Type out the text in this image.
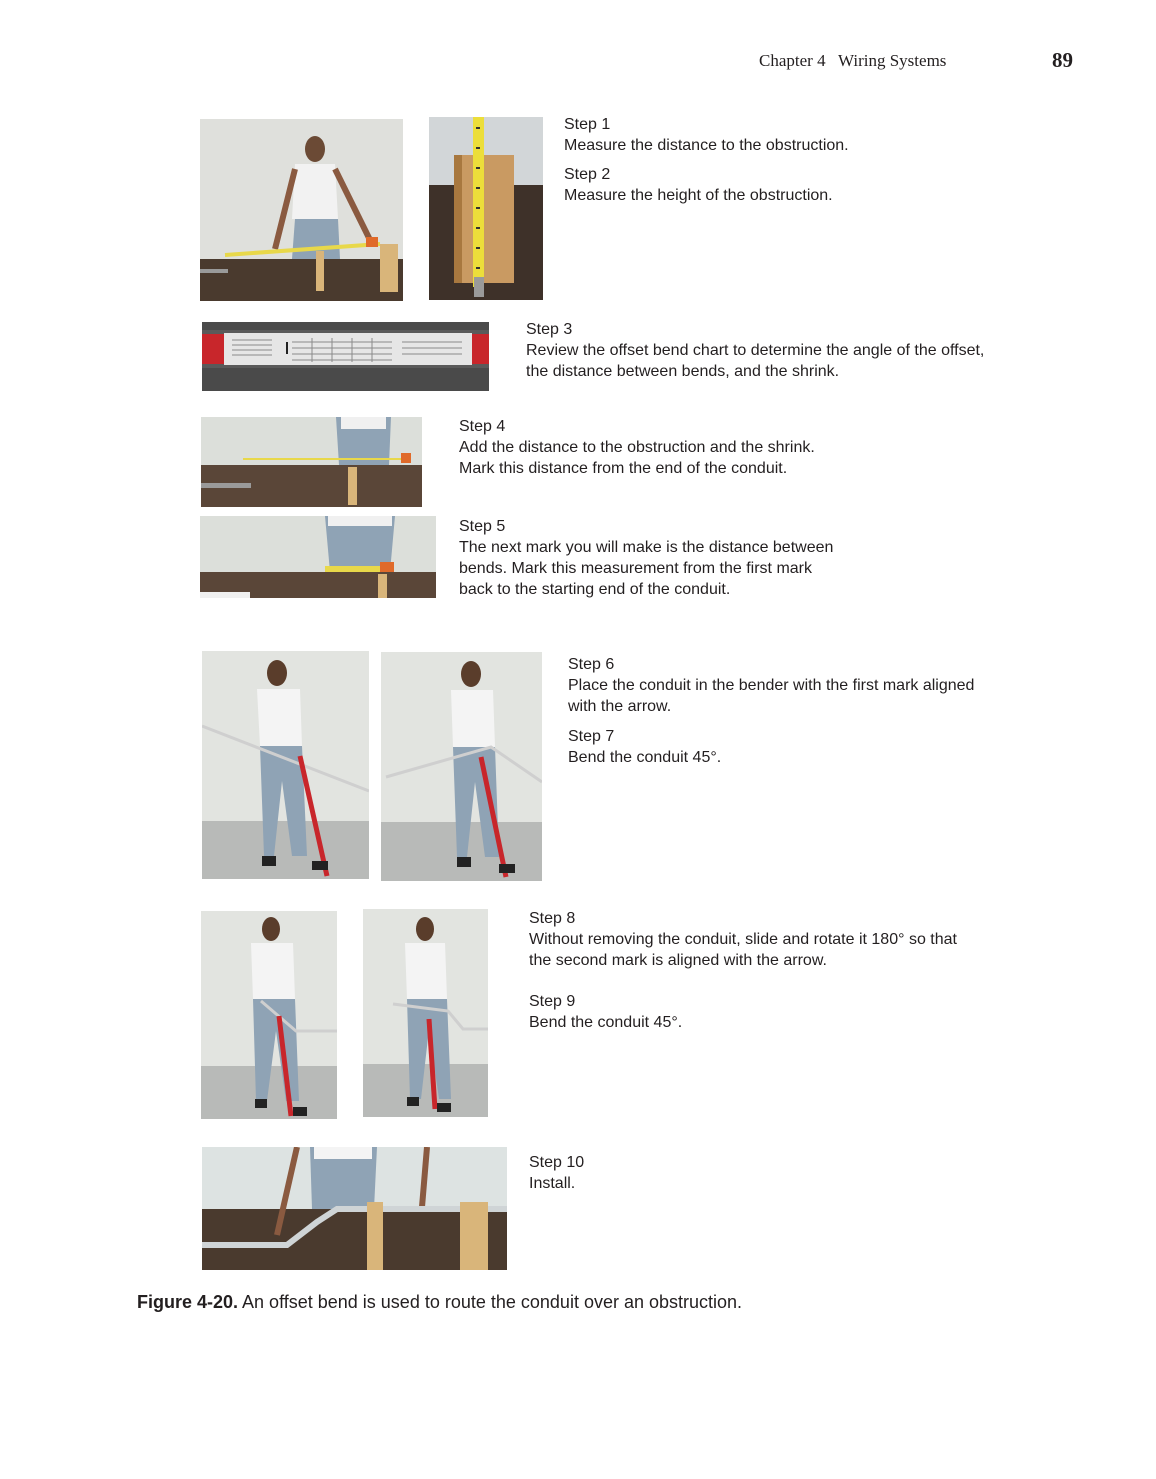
Chapter 4   Wiring Systems	89
Step 1
Measure the distance to the obstruction.
Step 2
Measure the height of the obstruction.
Step 3
Review the offset bend chart to determine the angle of the offset,
the distance between bends, and the shrink.
Step 4
Add the distance to the obstruction and the shrink.
Mark this distance from the end of the conduit.
Step 5
The next mark you will make is the distance between
bends. Mark this measurement from the first mark
back to the starting end of the conduit.
Step 6
Place the conduit in the bender with the first mark aligned
with the arrow.
Step 7
Bend the conduit 45°.
Step 8
Without removing the conduit, slide and rotate it 180° so that
the second mark is aligned with the arrow.
Step 9
Bend the conduit 45°.
Step 10
Install.
Figure 4-20. An offset bend is used to route the conduit over an obstruction.
